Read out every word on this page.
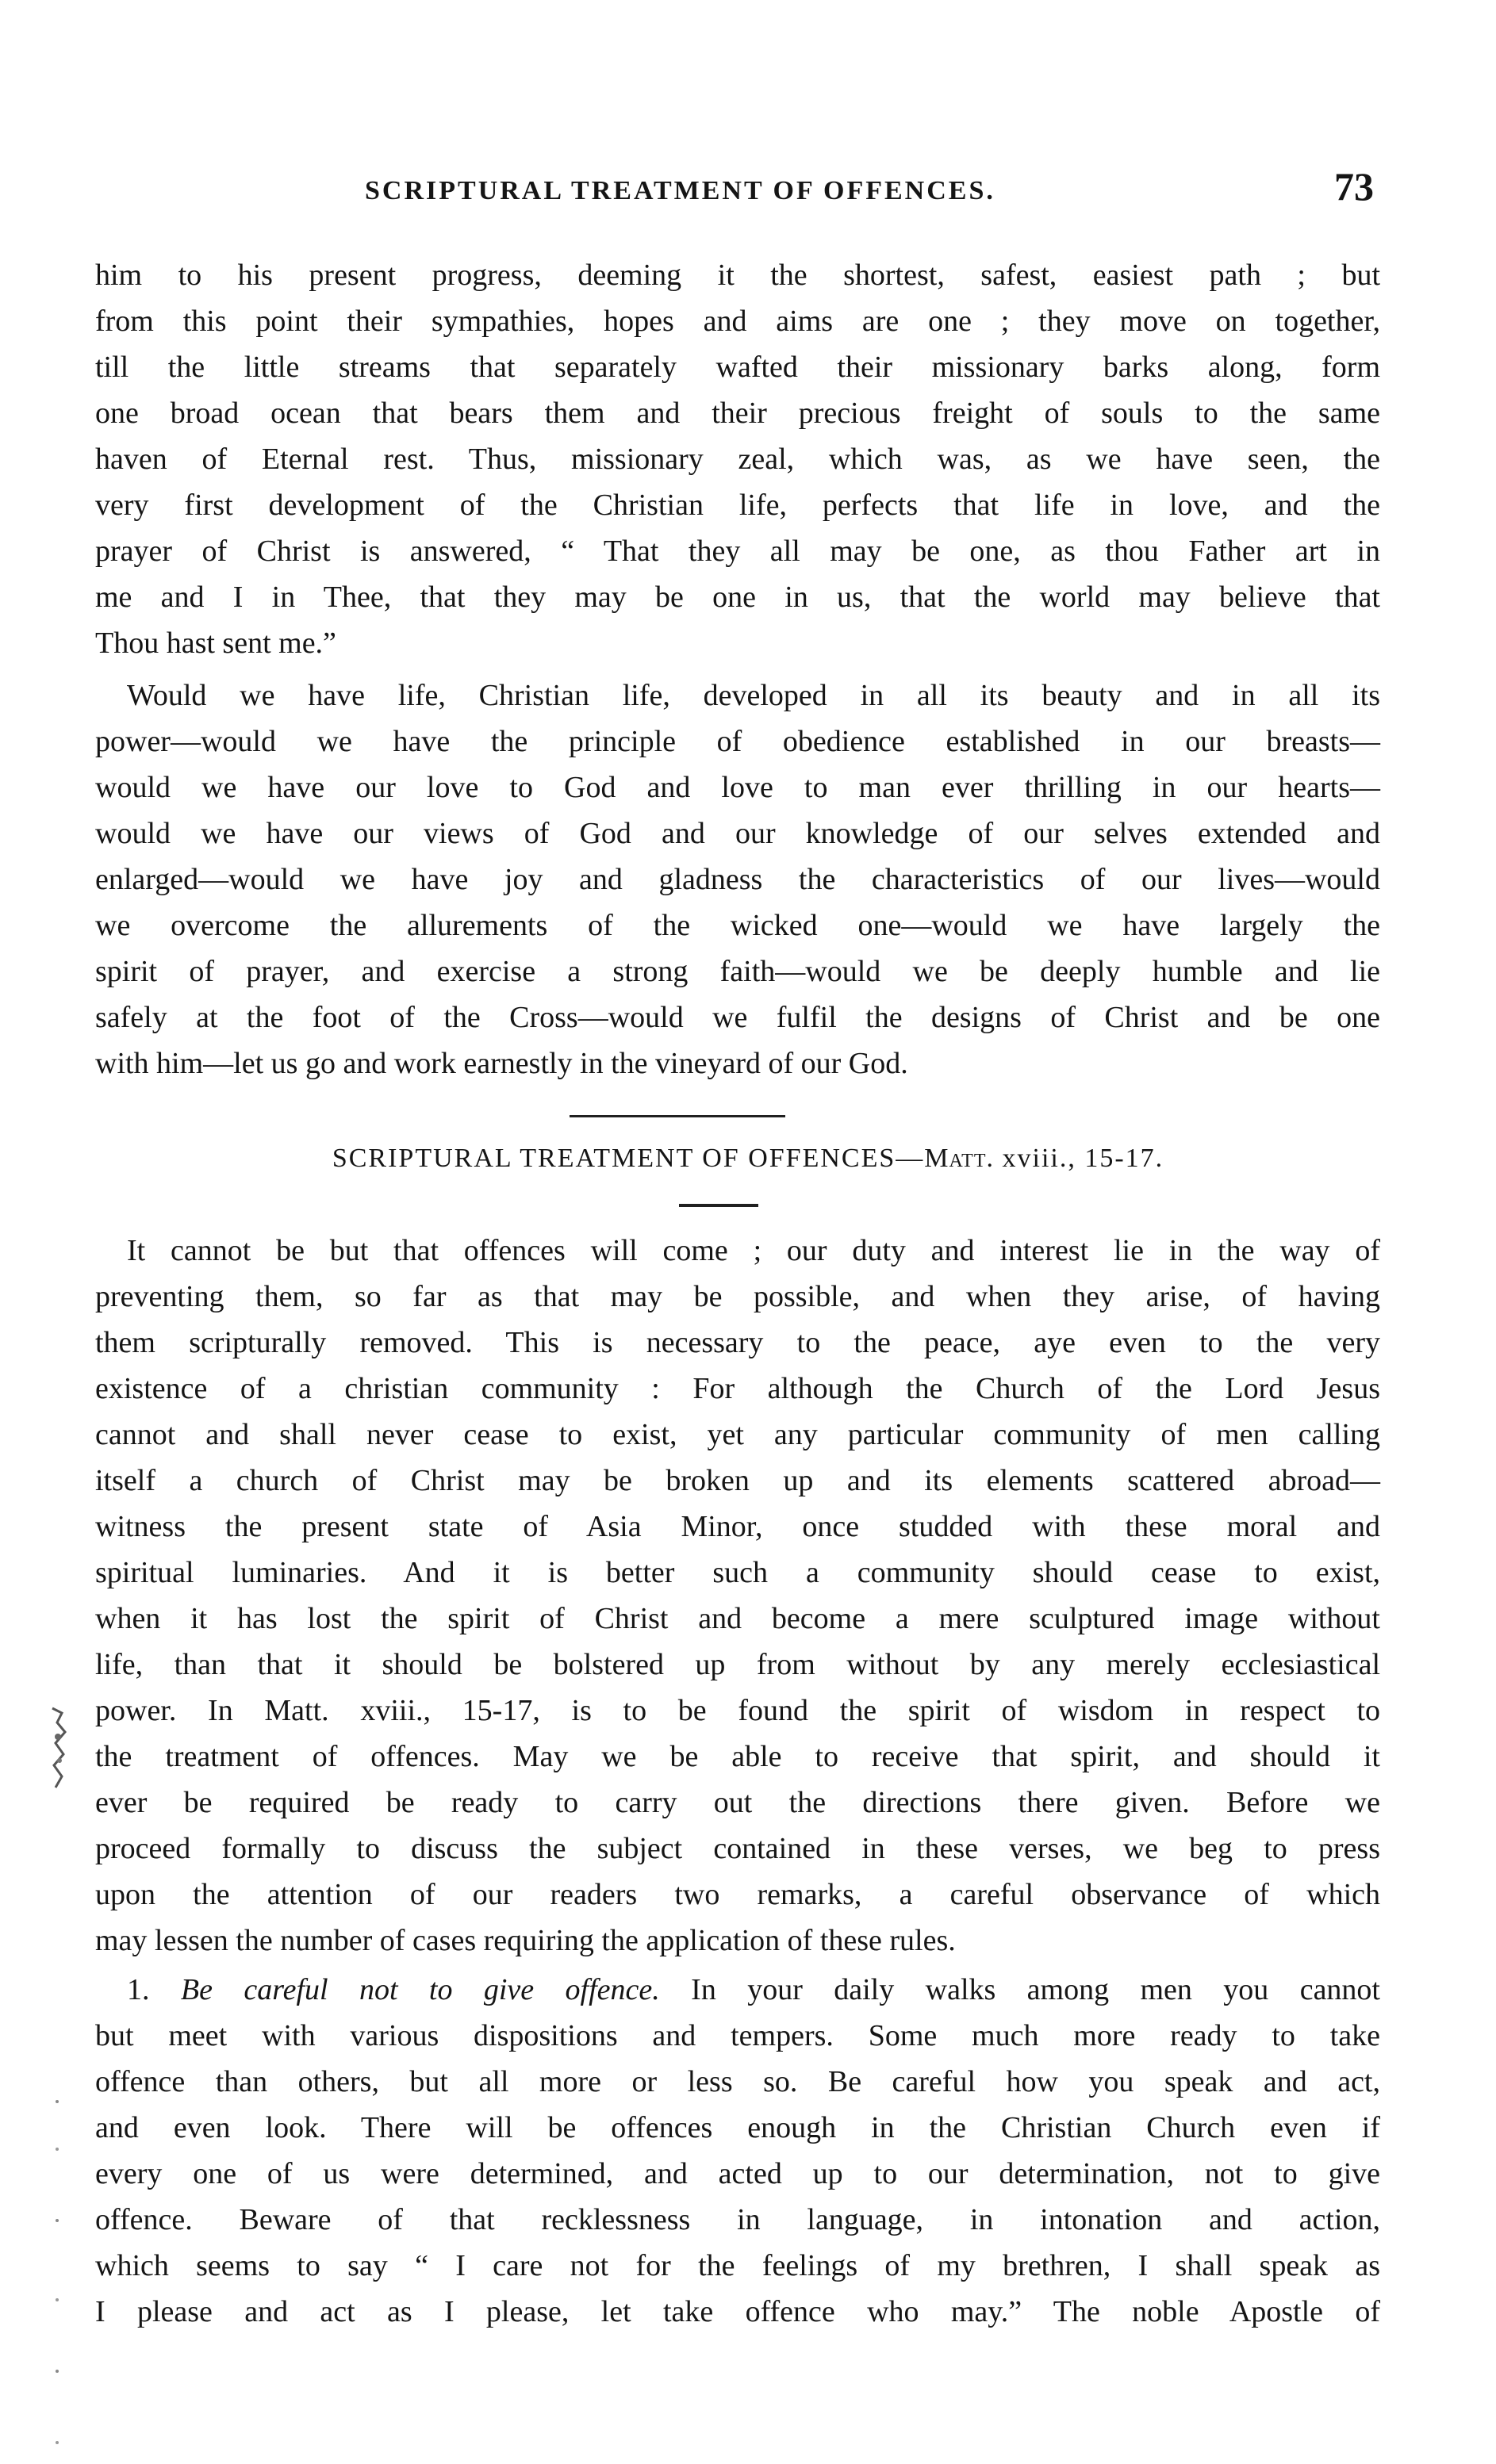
SCRIPTURAL TREATMENT OF OFFENCES.	73
him to his present progress, deeming it the shortest, safest, easiest path ; but
from this point their sympathies, hopes and aims are one ; they move on together,
till the little streams that separately wafted their missionary barks along, form
one broad ocean that bears them and their precious freight of souls to the same
haven of Eternal rest. Thus, missionary zeal, which was, as we have seen, the
very first development of the Christian life, perfects that life in love, and the
prayer of Christ is answered, “ That they all may be one, as thou Father art in
me and I in Thee, that they may be one in us, that the world may believe that
Thou hast sent me.”
Would we have life, Christian life, developed in all its beauty and in all its
power—would we have the principle of obedience established in our breasts—
would we have our love to God and love to man ever thrilling in our hearts—
would we have our views of God and our knowledge of our selves extended and
enlarged—would we have joy and gladness the characteristics of our lives—would
we overcome the allurements of the wicked one—would we have largely the
spirit of prayer, and exercise a strong faith—would we be deeply humble and lie
safely at the foot of the Cross—would we fulfil the designs of Christ and be one
with him—let us go and work earnestly in the vineyard of our God.
SCRIPTURAL TREATMENT OF OFFENCES—Matt. xviii., 15-17.
It cannot be but that offences will come ; our duty and interest lie in the way of
preventing them, so far as that may be possible, and when they arise, of having
them scripturally removed. This is necessary to the peace, aye even to the very
existence of a christian community : For although the Church of the Lord Jesus
cannot and shall never cease to exist, yet any particular community of men calling
itself a church of Christ may be broken up and its elements scattered abroad—
witness the present state of Asia Minor, once studded with these moral and
spiritual luminaries. And it is better such a community should cease to exist,
when it has lost the spirit of Christ and become a mere sculptured image without
life, than that it should be bolstered up from without by any merely ecclesiastical
power. In Matt. xviii., 15-17, is to be found the spirit of wisdom in respect to
the treatment of offences. May we be able to receive that spirit, and should it
ever be required be ready to carry out the directions there given. Before we
proceed formally to discuss the subject contained in these verses, we beg to press
upon the attention of our readers two remarks, a careful observance of which
may lessen the number of cases requiring the application of these rules.
1. Be careful not to give offence. In your daily walks among men you cannot
but meet with various dispositions and tempers. Some much more ready to take
offence than others, but all more or less so. Be careful how you speak and act,
and even look. There will be offences enough in the Christian Church even if
every one of us were determined, and acted up to our determination, not to give
offence. Beware of that recklessness in language, in intonation and action,
which seems to say “ I care not for the feelings of my brethren, I shall speak as
I please and act as I please, let take offence who may.” The noble Apostle of
